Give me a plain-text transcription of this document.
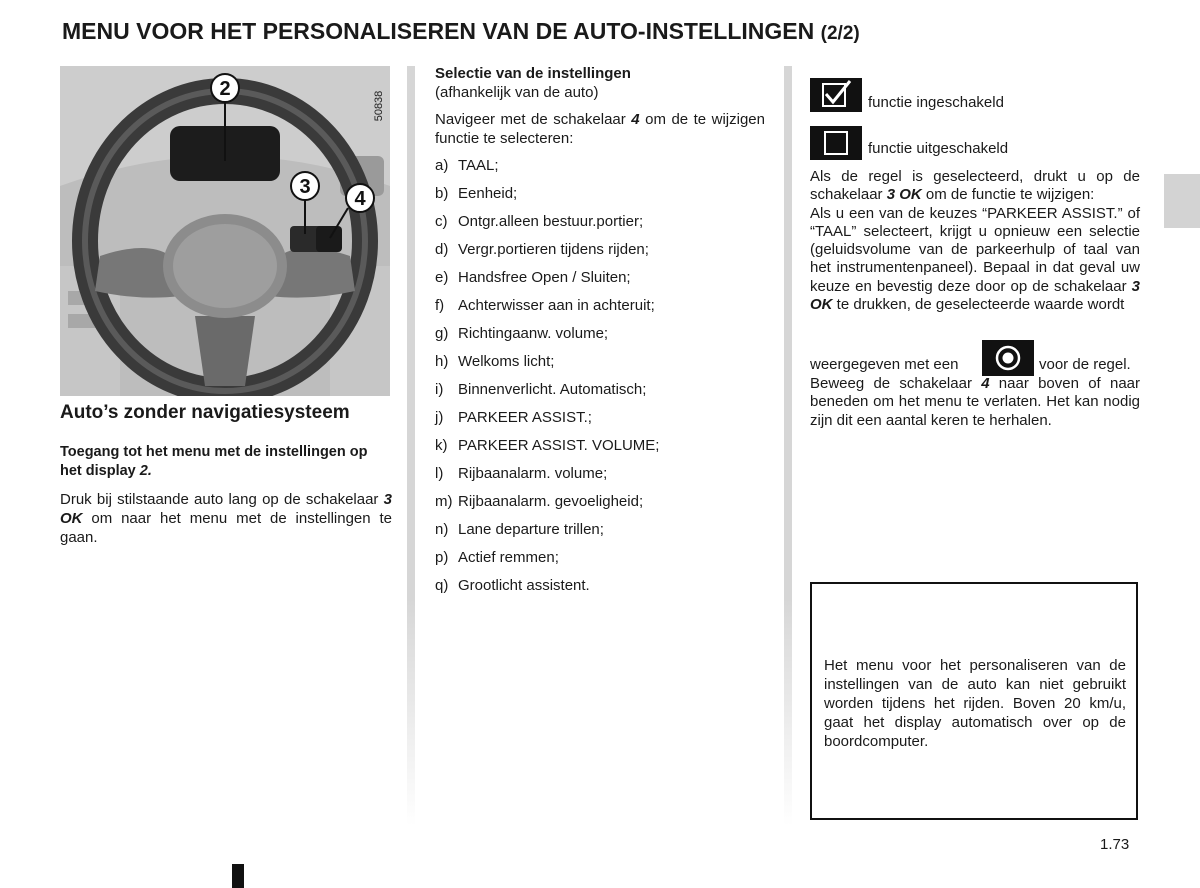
MENU VOOR HET PERSONALISEREN VAN DE AUTO-INSTELLINGEN (2/2)
2
3
4
50838
Auto’s zonder navigatiesysteem
Toegang tot het menu met de instellingen op het display 2.
Druk bij stilstaande auto lang op de schakelaar 3 OK om naar het menu met de instellingen te gaan.
Selectie van de instellingen
(afhankelijk van de auto)
Navigeer met de schakelaar 4 om de te wijzigen functie te selecteren:
a) TAAL;
b) Eenheid;
c) Ontgr.alleen bestuur.portier;
d) Vergr.portieren tijdens rijden;
e) Handsfree Open / Sluiten;
f) Achterwisser aan in achteruit;
g) Richtingaanw. volume;
h) Welkoms licht;
i) Binnenverlicht. Automatisch;
j) PARKEER ASSIST.;
k) PARKEER ASSIST. VOLUME;
l) Rijbaanalarm. volume;
m) Rijbaanalarm. gevoeligheid;
n) Lane departure trillen;
p) Actief remmen;
q) Grootlicht assistent.
functie ingeschakeld
functie uitgeschakeld
Als de regel is geselecteerd, drukt u op de schakelaar 3 OK om de functie te wijzigen:
Als u een van de keuzes “PARKEER ASSIST.” of “TAAL” selecteert, krijgt u opnieuw een selectie (geluidsvolume van de parkeerhulp of taal van het instrumentenpaneel). Bepaal in dat geval uw keuze en bevestig deze door op de schakelaar 3 OK te drukken, de geselecteerde waarde wordt
weergegeven met een	voor de regel.
Beweeg de schakelaar 4 naar boven of naar beneden om het menu te verlaten. Het kan nodig zijn dit een aantal keren te herhalen.
Het menu voor het personaliseren van de instellingen van de auto kan niet gebruikt worden tijdens het rijden. Boven 20 km/u, gaat het display automatisch over op de boordcomputer.
1.73
